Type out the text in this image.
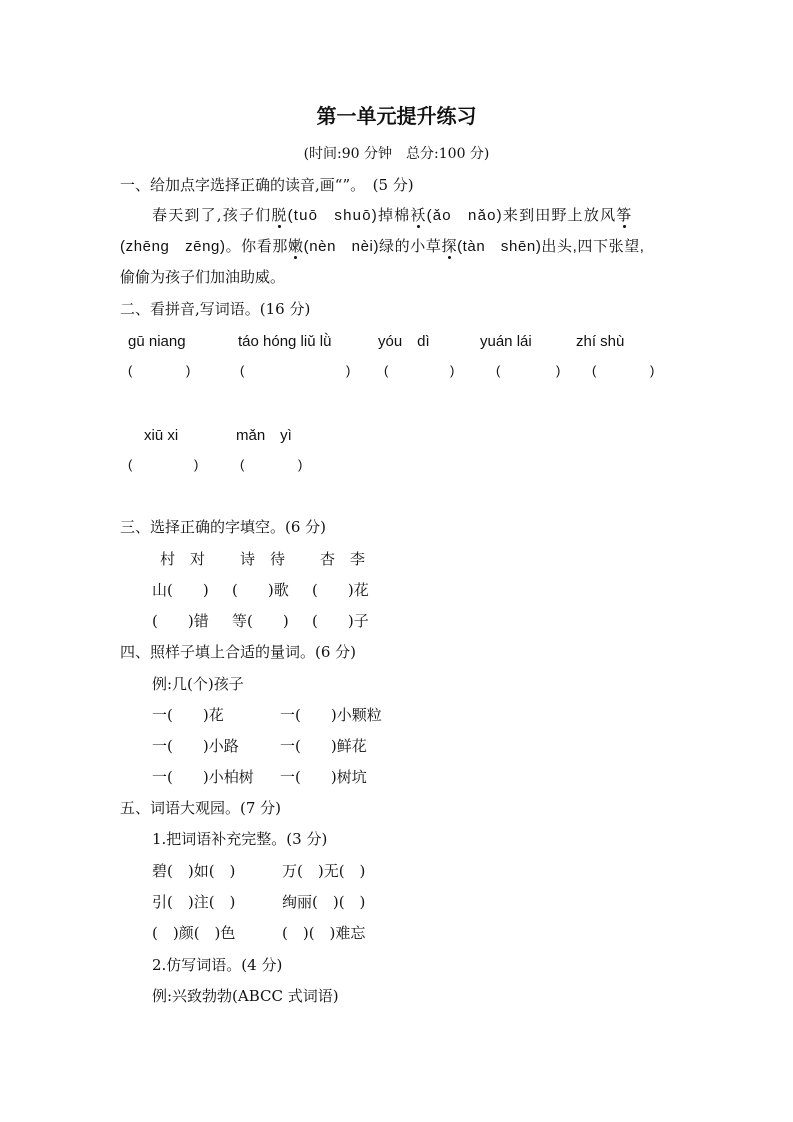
第一单元提升练习
(时间:90 分钟　总分:100 分)
一、给加点字选择正确的读音,画“”。　(5 分)
春天到了,孩子们脱(tuō　shuō)掉棉袄(ǎo　nǎo)来到田野上放风筝
(zhēng　zēng)。你看那嫩(nèn　nèi)绿的小草探(tàn　shēn)出头,四下张望,
偷偷为孩子们加油助威。
二、看拼音,写词语。(16 分)
gū niang	táo hóng liǔ lǜ	yóu　dì	yuán lái	zhí shù
(	)	(	)	(	)	(	) (	)
xiū xi	mǎn　yì
(	)	(	)
三、选择正确的字填空。(6 分)
村　对 诗　待 杏　李
山(　　) (　　)歌 (　　)花
(　　)错 等(　　) (　　)子
四、照样子填上合适的量词。(6 分)
例:几(个)孩子
一(　　)花	一(　　)小颗粒
一(　　)小路	一(　　)鲜花
一(　　)小柏树 一(　　)树坑
五、词语大观园。(7 分)
1.把词语补充完整。(3 分)
碧(　)如(　)	万(　)无(　)
引(　)注(　)	绚丽(　)(　)
(　)颜(　)色	(　)(　)难忘
2.仿写词语。(4 分)
例:兴致勃勃(ABCC 式词语)
